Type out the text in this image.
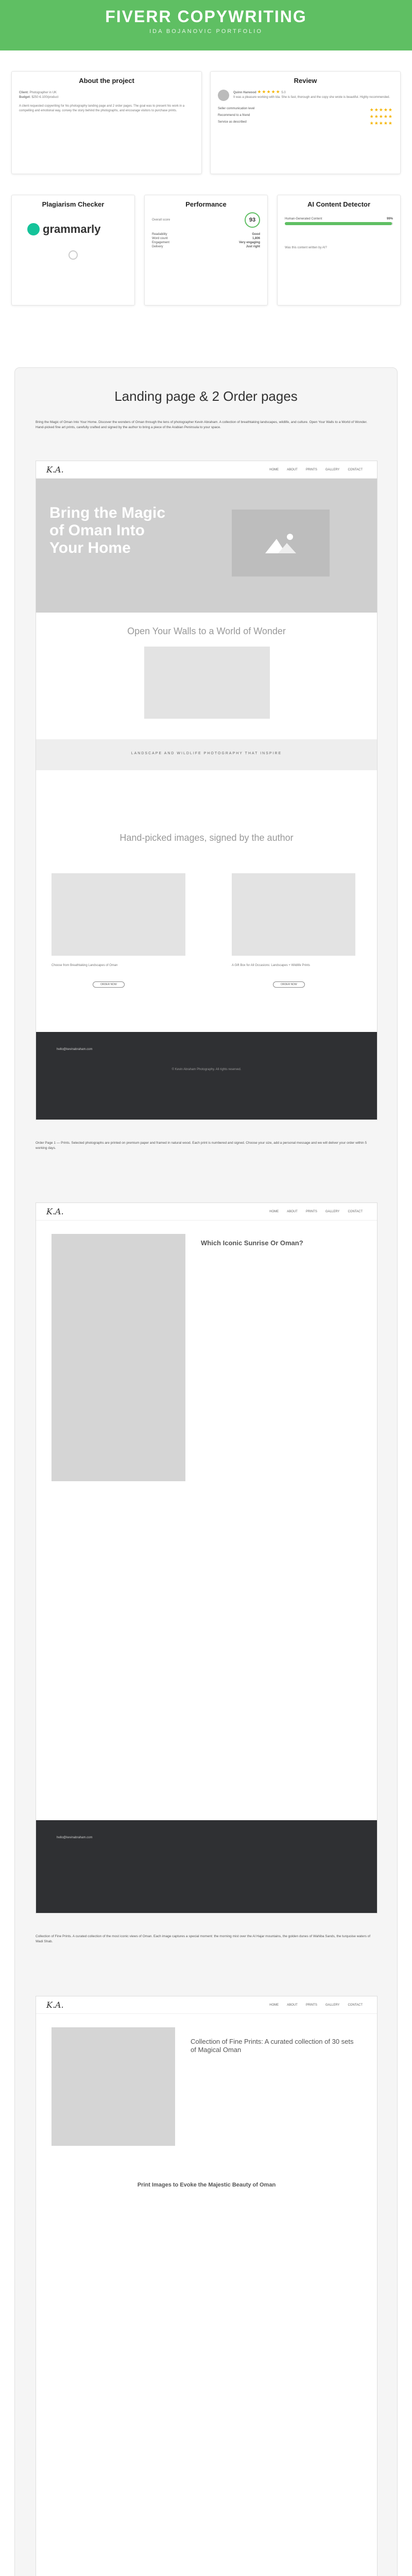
FIVERR COPYWRITING
IDA BOJANOVIC PORTFOLIO
About the project
Client: Photographer in UK
Budget: $250 €-100/product
A client requested copywriting for his photography landing page and 2 order pages. The goal was to present his work in a compelling and emotional way, convey the story behind the photographs, and encourage visitors to purchase prints.
Review
Quinn Harwood ★★★★★ 5.0
It was a pleasure working with Ida. She is fast, thorough and the copy she wrote is beautiful. Highly recommended.
Seller communication level	★★★★★
Recommend to a friend	★★★★★
Service as described	★★★★★
Plagiarism Checker
grammarly
Performance
Overall score	93
Readability	Good
Word count	1,806
Engagement	Very engaging
Delivery	Just right
AI Content Detector
Human-Generated Content	99%
Was this content written by AI?
Landing page & 2 Order pages

Bring the Magic of Oman Into Your Home. Discover the wonders of Oman through the lens of photographer Kevin Abraham. A collection of breathtaking landscapes, wildlife, and culture. Open Your Walls to a World of Wonder. Hand-picked fine art prints, carefully crafted and signed by the author to bring a piece of the Arabian Peninsula to your space.

K.A.	HOME	ABOUT	PRINTS	GALLERY	CONTACT
Bring the Magic of Oman Into Your Home
Open Your Walls to a World of Wonder
LANDSCAPE AND WILDLIFE PHOTOGRAPHY THAT INSPIRE
Hand-picked images, signed by the author
Choose from Breathtaking Landscapes of Oman	A Gift Box for All Occasions: Landscapes + Wildlife Prints
ORDER NOW	ORDER NOW
hello@kevinabraham.com
© Kevin Abraham Photography. All rights reserved.

Order Page 1 — Prints. Selected photographs are printed on premium paper and framed in natural wood. Each print is numbered and signed. Choose your size, add a personal message and we will deliver your order within 5 working days.

K.A.	HOME	ABOUT	PRINTS	GALLERY	CONTACT
Which Iconic Sunrise Or Oman?
hello@kevinabraham.com

Collection of Fine Prints. A curated collection of the most iconic views of Oman. Each image captures a special moment: the morning mist over the Al Hajar mountains, the golden dunes of Wahiba Sands, the turquoise waters of Wadi Shab.

K.A.	HOME	ABOUT	PRINTS	GALLERY	CONTACT
Collection of Fine Prints: A curated collection of 30 sets of Magical Oman
Print Images to Evoke the Majestic Beauty of Oman
